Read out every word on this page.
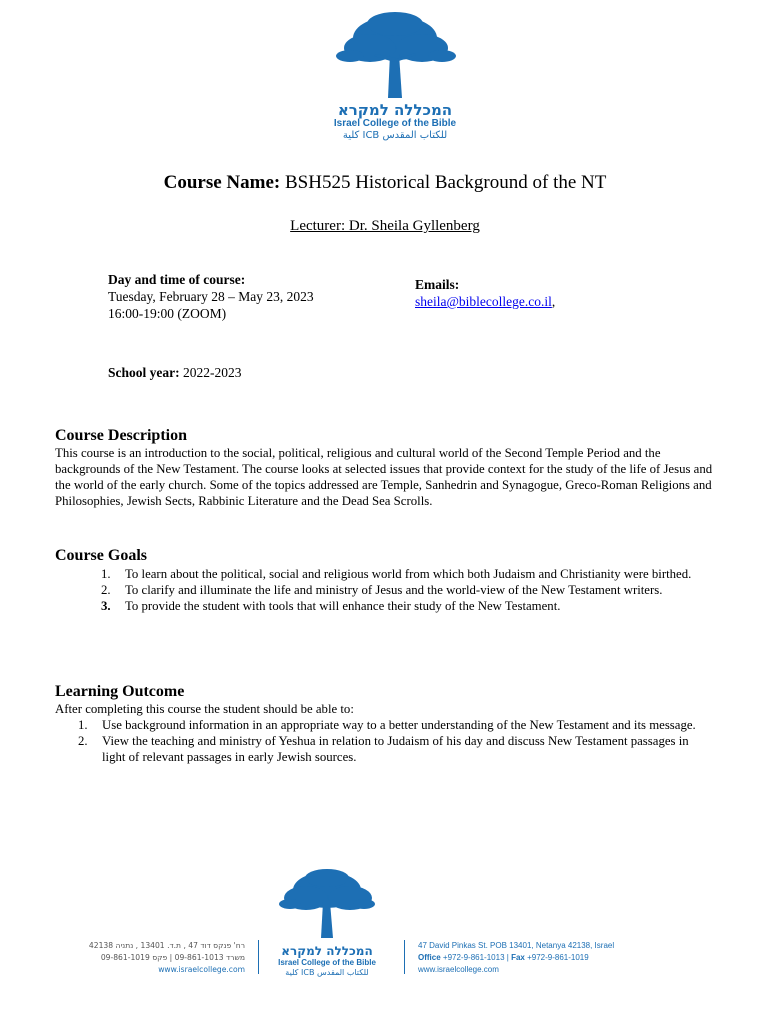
המכללה למקרא
Israel College of the Bible
كلية ICB للكتاب المقدس
Course Name: BSH525 Historical Background of the NT
Lecturer: Dr. Sheila Gyllenberg
Day and time of course:
Tuesday, February 28 – May 23, 2023
16:00-19:00 (ZOOM)
Emails:
sheila@biblecollege.co.il,
School year: 2022-2023
Course Description
This course is an introduction to the social, political, religious and cultural world of the Second Temple Period and the backgrounds of the New Testament. The course looks at selected issues that provide context for the study of the life of Jesus and the world of the early church. Some of the topics addressed are Temple, Sanhedrin and Synagogue, Greco-Roman Religions and Philosophies, Jewish Sects, Rabbinic Literature and the Dead Sea Scrolls.
Course Goals
1.	To learn about the political, social and religious world from which both Judaism and Christianity were birthed.
2.	To clarify and illuminate the life and ministry of Jesus and the world-view of the New Testament writers.
3.	To provide the student with tools that will enhance their study of the New Testament.
Learning Outcome
After completing this course the student should be able to:
1.	Use background information in an appropriate way to a better understanding of the New Testament and its message.
2.	View the teaching and ministry of Yeshua in relation to Judaism of his day and discuss New Testament passages in light of relevant passages in early Jewish sources.
המכללה למקרא
Israel College of the Bible
كلية ICB للكتاب المقدس
רח' פנקס דוד 47 , ת.ד. 13401 , נתניה 42138
משרד 09-861-1013 | פקס 09-861-1019
www.israelcollege.com
47 David Pinkas St. POB 13401, Netanya 42138, Israel
Office +972-9-861-1013 | Fax +972-9-861-1019
www.israelcollege.com
